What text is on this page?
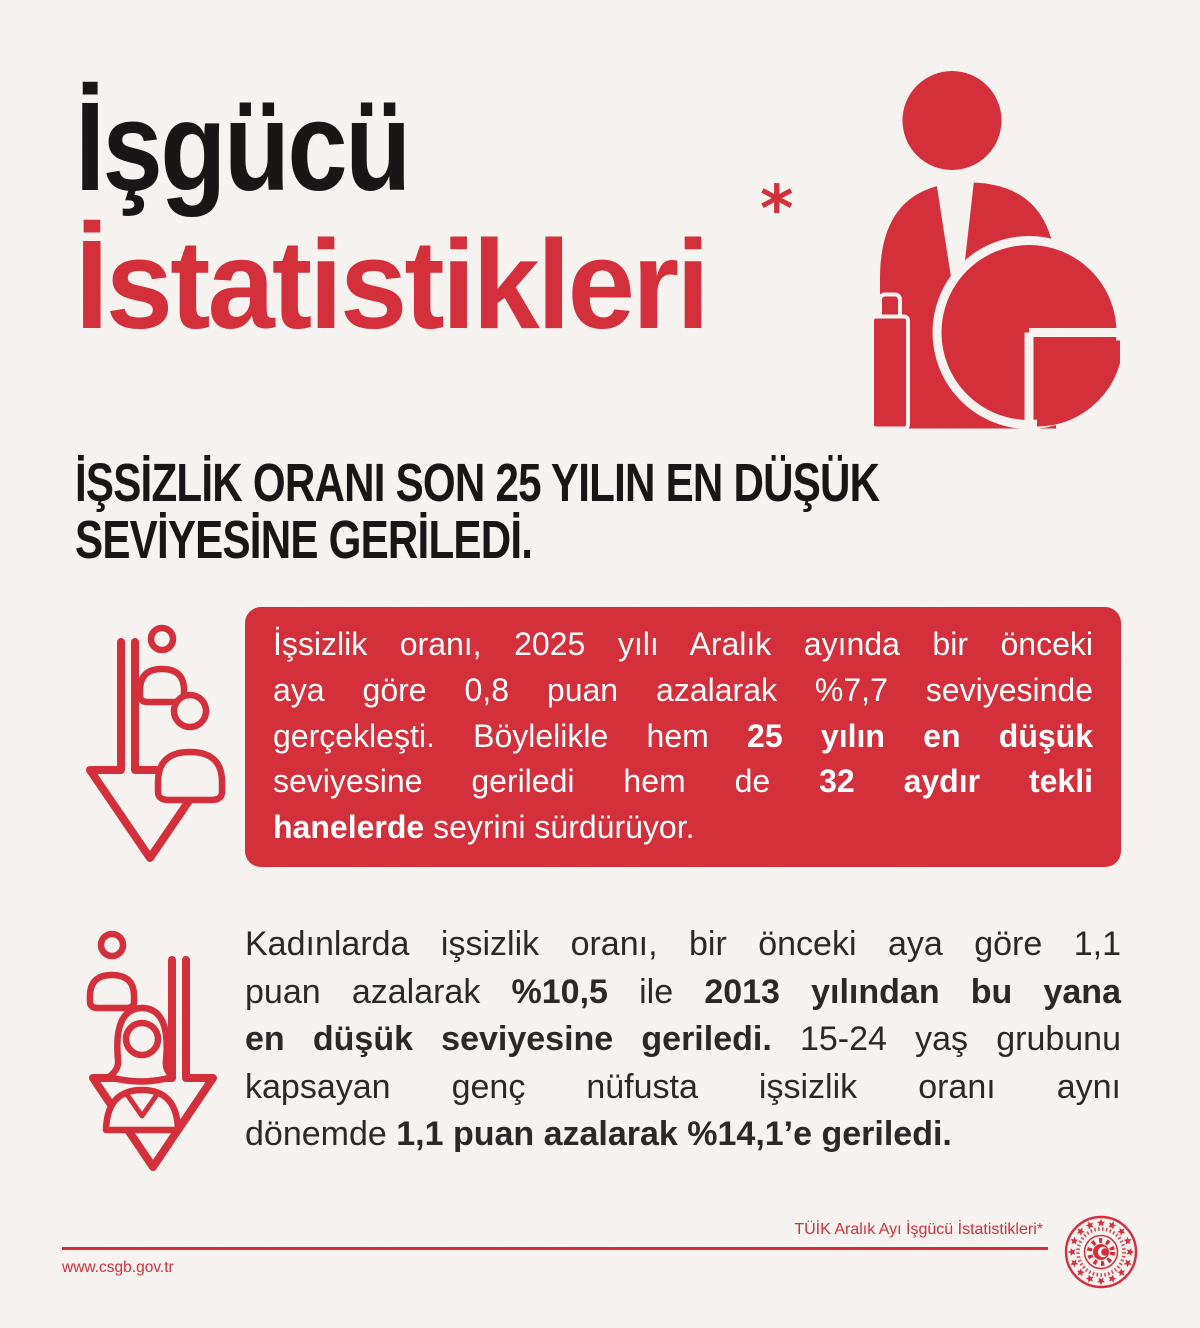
İşgücü
İstatistikleri
*
İŞSİZLİK ORANI SON 25 YILIN EN DÜŞÜK
SEVİYESİNE GERİLEDİ.
İşsizlik oranı, 2025 yılı Aralık ayında bir önceki
aya göre 0,8 puan azalarak %7,7 seviyesinde
gerçekleşti. Böylelikle hem 25 yılın en düşük
seviyesine geriledi hem de 32 aydır tekli
hanelerde seyrini sürdürüyor.
Kadınlarda işsizlik oranı, bir önceki aya göre 1,1
puan azalarak %10,5 ile 2013 yılından bu yana
en düşük seviyesine geriledi. 15-24 yaş grubunu
kapsayan genç nüfusta işsizlik oranı aynı
dönemde 1,1 puan azalarak %14,1’e geriledi.
TÜİK Aralık Ayı İşgücü İstatistikleri*
www.csgb.gov.tr
